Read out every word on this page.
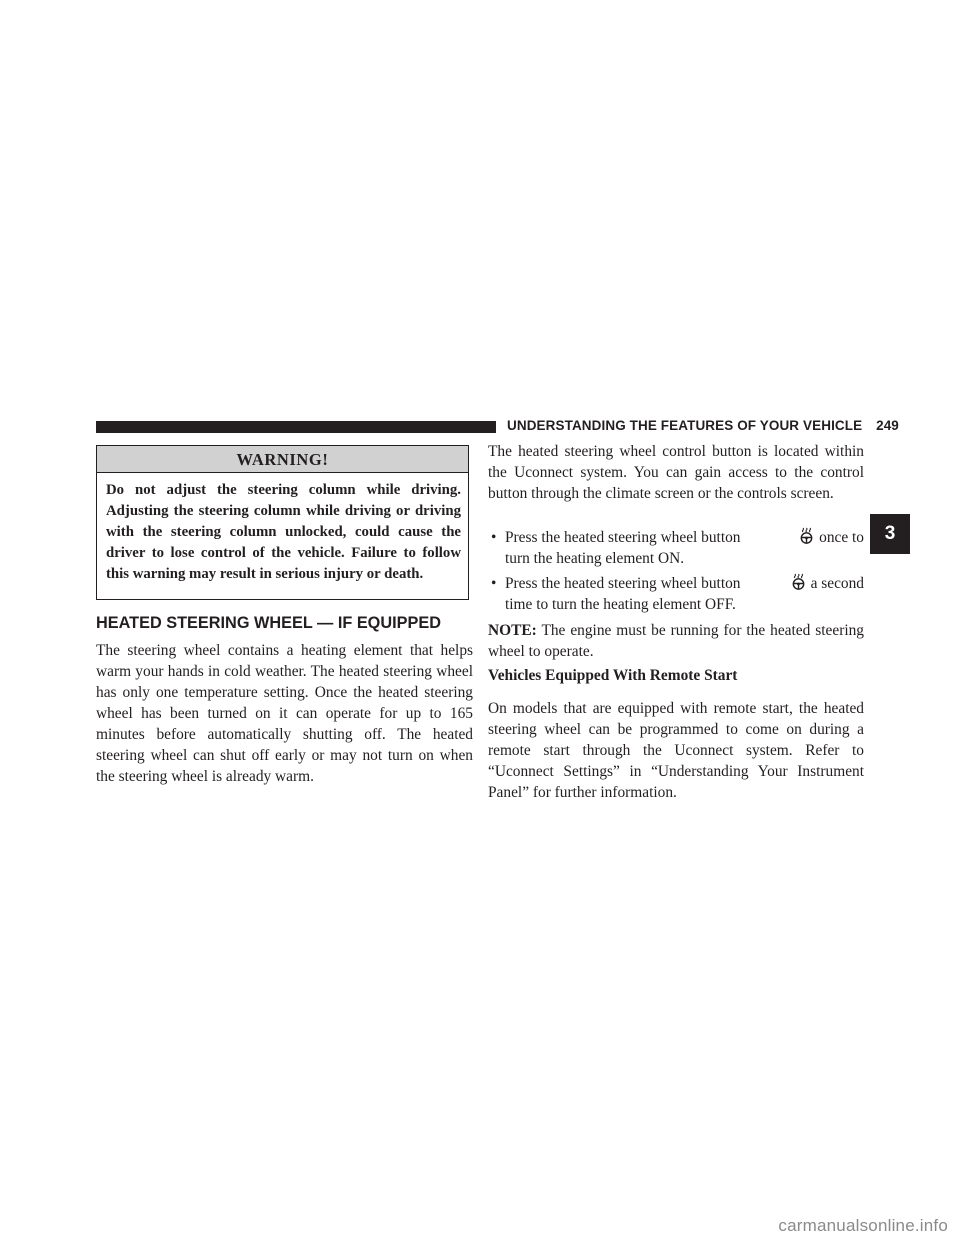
UNDERSTANDING THE FEATURES OF YOUR VEHICLE 249
WARNING!
Do not adjust the steering column while driving. Adjusting the steering column while driving or driving with the steering column unlocked, could cause the driver to lose control of the vehicle. Failure to follow this warning may result in serious injury or death.
HEATED STEERING WHEEL — IF EQUIPPED
The steering wheel contains a heating element that helps warm your hands in cold weather. The heated steering wheel has only one temperature setting. Once the heated steering wheel has been turned on it can operate for up to 165 minutes before automatically shutting off. The heated steering wheel can shut off early or may not turn on when the steering wheel is already warm.
The heated steering wheel control button is located within the Uconnect system. You can gain access to the control button through the climate screen or the controls screen.
• Press the heated steering wheel button	once to
turn the heating element ON.
• Press the heated steering wheel button	a second
time to turn the heating element OFF.
NOTE: The engine must be running for the heated steering wheel to operate.
Vehicles Equipped With Remote Start
On models that are equipped with remote start, the heated steering wheel can be programmed to come on during a remote start through the Uconnect system. Refer to “Uconnect Settings” in “Understanding Your Instrument Panel” for further information.
3
carmanualsonline.info
